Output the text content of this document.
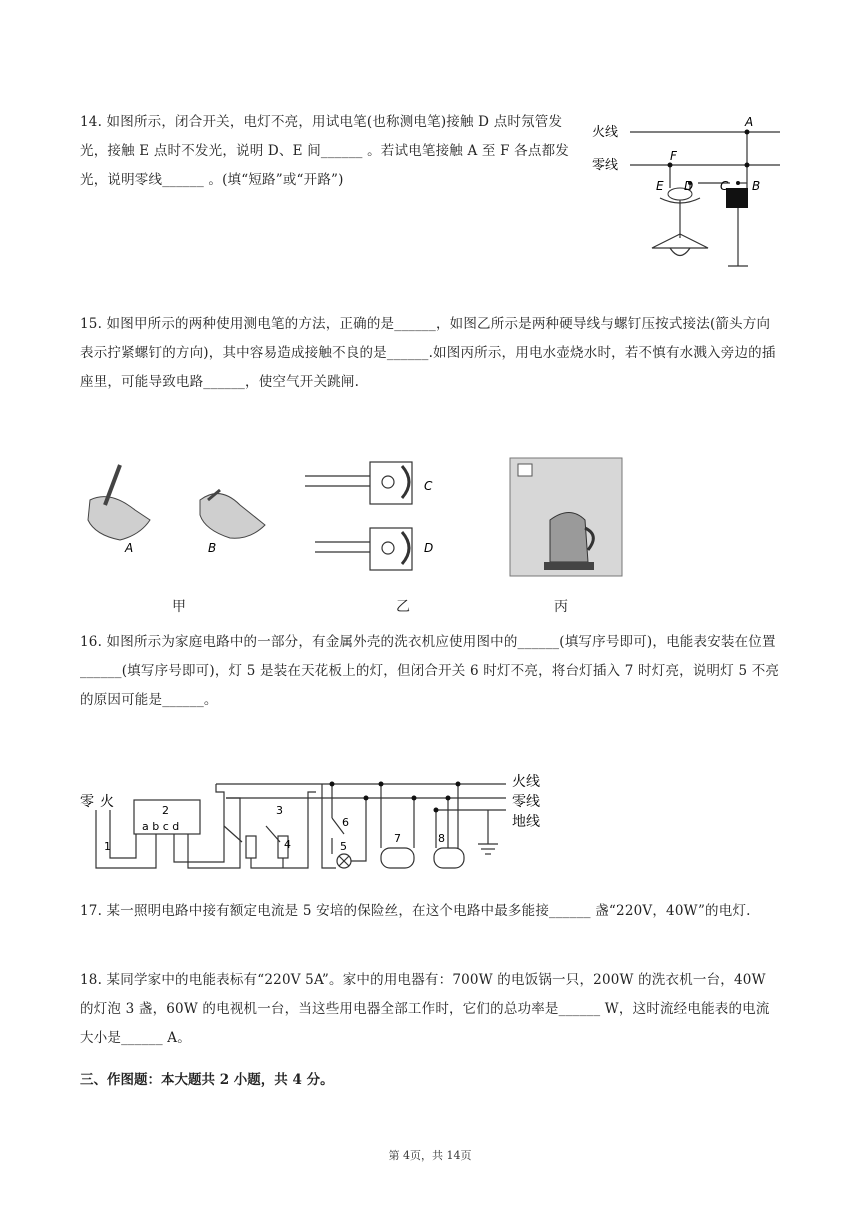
14. 如图所示，闭合开关，电灯不亮，用试电笔(也称测电笔)接触 D 点时氖管发光，接触 E 点时不发光，说明 D、E 间______ 。若试电笔接触 A 至 F 各点都发光，说明零线______ 。(填“短路”或“开路”)
火线
零线
A
F
E D C B
15. 如图甲所示的两种使用测电笔的方法，正确的是______，如图乙所示是两种硬导线与螺钉压按式接法(箭头方向表示拧紧螺钉的方向)，其中容易造成接触不良的是______.如图丙所示，用电水壶烧水时，若不慎有水溅入旁边的插座里，可能导致电路______，使空气开关跳闸.
A	B
C
D
甲	乙	丙
16. 如图所示为家庭电路中的一部分，有金属外壳的洗衣机应使用图中的______(填写序号即可)，电能表安装在位置______(填写序号即可)，灯 5 是装在天花板上的灯，但闭合开关 6 时灯不亮，将台灯插入 7 时灯亮，说明灯 5 不亮的原因可能是______。
零 火
火线
零线
地线
2
a b c d
1
3
4	5
6
7	8
17. 某一照明电路中接有额定电流是 5 安培的保险丝，在这个电路中最多能接______ 盏“220V，40W”的电灯.
18. 某同学家中的电能表标有“220V 5A”。家中的用电器有：700W 的电饭锅一只，200W 的洗衣机一台，40W 的灯泡 3 盏，60W 的电视机一台，当这些用电器全部工作时，它们的总功率是______ W，这时流经电能表的电流大小是______ A。
三、作图题：本大题共 2 小题，共 4 分。
第 4页，共 14页
